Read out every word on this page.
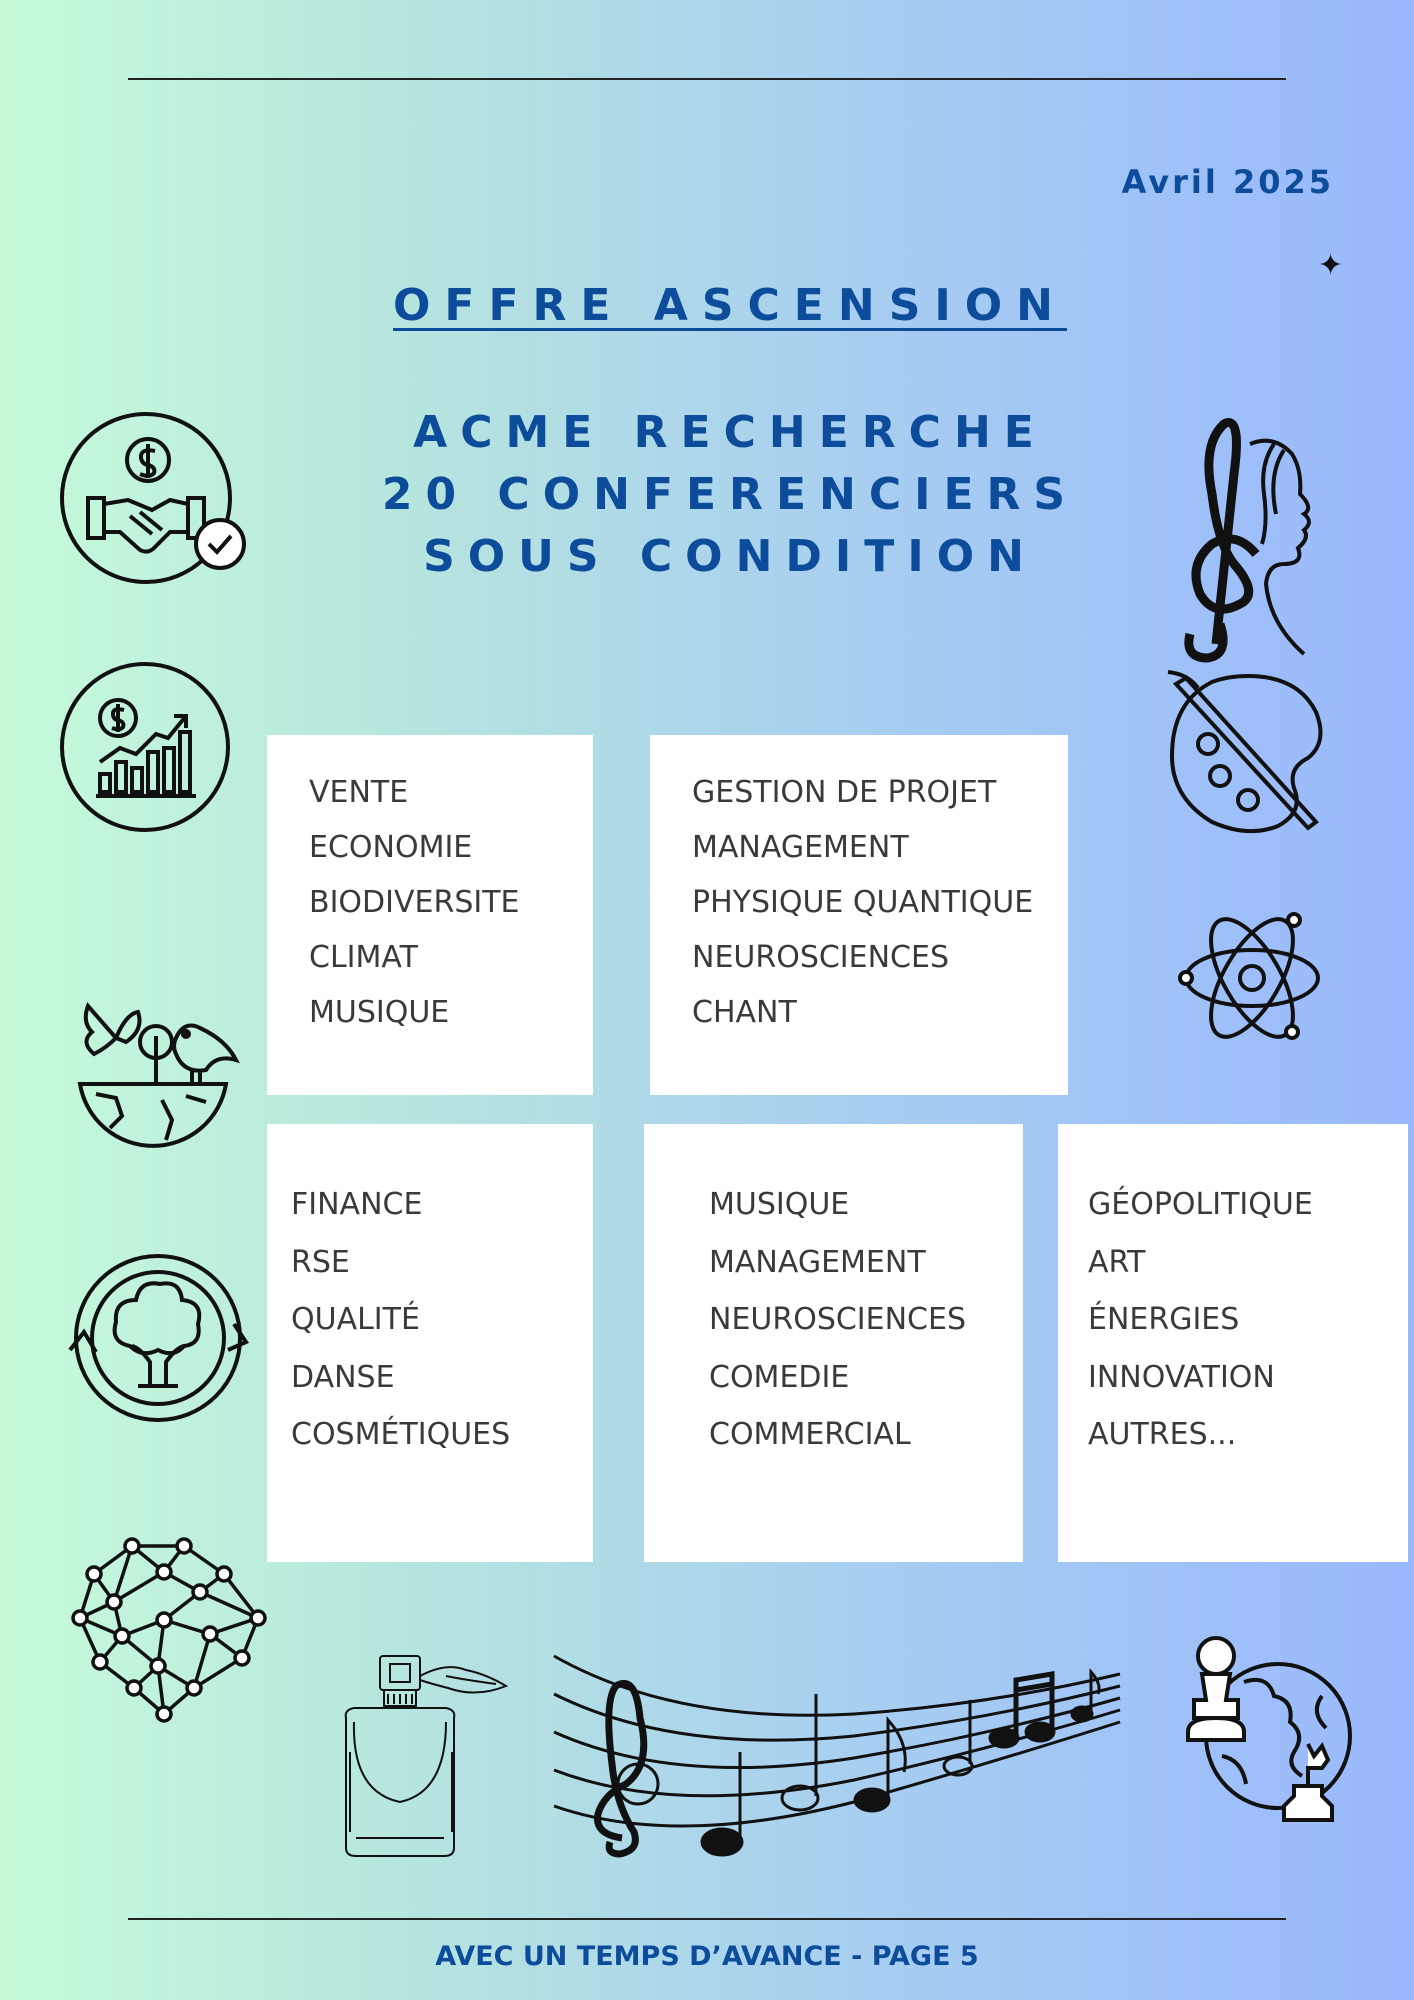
Avril 2025
✦
OFFRE ASCENSION
ACME RECHERCHE
20 CONFERENCIERS
SOUS CONDITION
VENTE
ECONOMIE
BIODIVERSITE
CLIMAT
MUSIQUE
GESTION DE PROJET
MANAGEMENT
PHYSIQUE QUANTIQUE
NEUROSCIENCES
CHANT
FINANCE
RSE
QUALITÉ
DANSE
COSMÉTIQUES
MUSIQUE
MANAGEMENT
NEUROSCIENCES
COMEDIE
COMMERCIAL
GÉOPOLITIQUE
ART
ÉNERGIES
INNOVATION
AUTRES...
AVEC UN TEMPS D’AVANCE - PAGE 5
